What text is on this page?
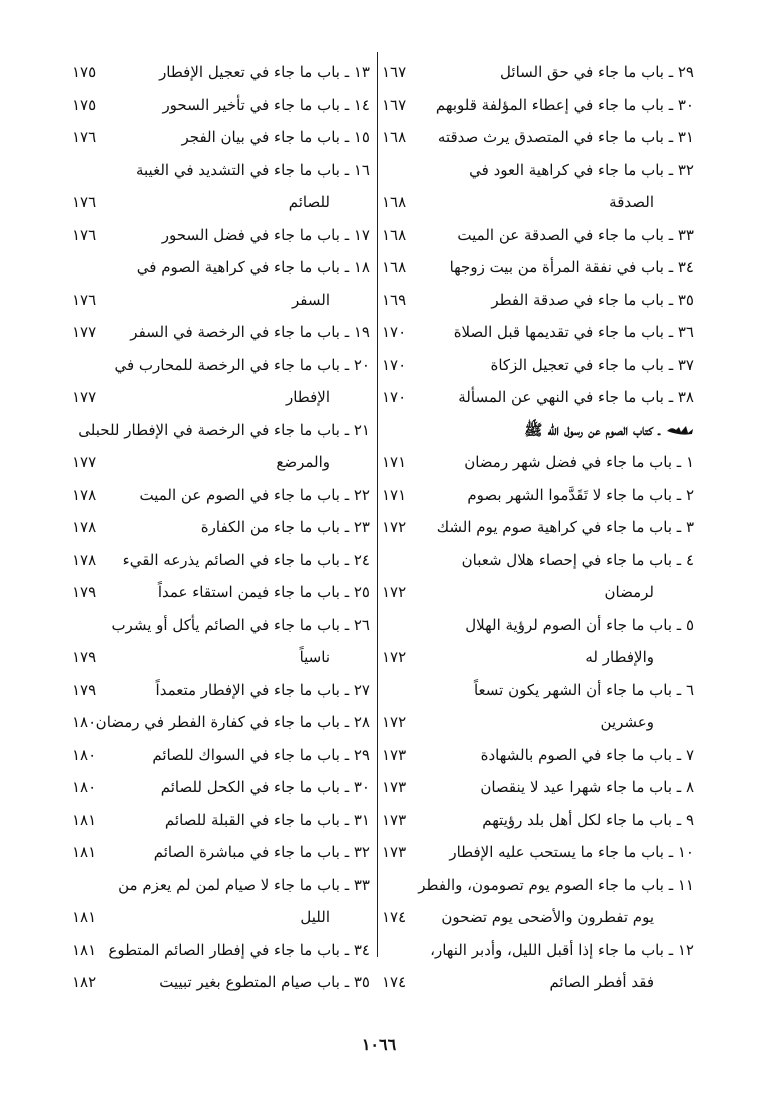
٢٩ ـ باب ما جاء في حق السائل
١٦٧
٣٠ ـ باب ما جاء في إعطاء المؤلفة قلوبهم
١٦٧
٣١ ـ باب ما جاء في المتصدق يرث صدقته
١٦٨
٣٢ ـ باب ما جاء في كراهية العود في
الصدقة
١٦٨
٣٣ ـ باب ما جاء في الصدقة عن الميت
١٦٨
٣٤ ـ باب في نفقة المرأة من بيت زوجها
١٦٨
٣٥ ـ باب ما جاء في صدقة الفطر
١٦٩
٣٦ ـ باب ما جاء في تقديمها قبل الصلاة
١٧٠
٣٧ ـ باب ما جاء في تعجيل الزكاة
١٧٠
٣٨ ـ باب ما جاء في النهي عن المسألة
١٧٠
ـ كتاب الصوم عن رسول الله ﷺ
١ ـ باب ما جاء في فضل شهر رمضان
١٧١
٢ ـ باب ما جاء لا تَقَدَّموا الشهر بصوم
١٧١
٣ ـ باب ما جاء في كراهية صوم يوم الشك
١٧٢
٤ ـ باب ما جاء في إحصاء هلال شعبان
لرمضان
١٧٢
٥ ـ باب ما جاء أن الصوم لرؤية الهلال
والإفطار له
١٧٢
٦ ـ باب ما جاء أن الشهر يكون تسعاً
وعشرين
١٧٢
٧ ـ باب ما جاء في الصوم بالشهادة
١٧٣
٨ ـ باب ما جاء شهرا عيد لا ينقصان
١٧٣
٩ ـ باب ما جاء لكل أهل بلد رؤيتهم
١٧٣
١٠ ـ باب ما جاء ما يستحب عليه الإفطار
١٧٣
١١ ـ باب ما جاء الصوم يوم تصومون، والفطر
يوم تفطرون والأضحى يوم تضحون
١٧٤
١٢ ـ باب ما جاء إذا أقبل الليل، وأدبر النهار،
فقد أفطر الصائم
١٧٤
١٣ ـ باب ما جاء في تعجيل الإفطار
١٧٥
١٤ ـ باب ما جاء في تأخير السحور
١٧٥
١٥ ـ باب ما جاء في بيان الفجر
١٧٦
١٦ ـ باب ما جاء في التشديد في الغيبة
للصائم
١٧٦
١٧ ـ باب ما جاء في فضل السحور
١٧٦
١٨ ـ باب ما جاء في كراهية الصوم في
السفر
١٧٦
١٩ ـ باب ما جاء في الرخصة في السفر
١٧٧
٢٠ ـ باب ما جاء في الرخصة للمحارب في
الإفطار
١٧٧
٢١ ـ باب ما جاء في الرخصة في الإفطار للحبلى
والمرضع
١٧٧
٢٢ ـ باب ما جاء في الصوم عن الميت
١٧٨
٢٣ ـ باب ما جاء من الكفارة
١٧٨
٢٤ ـ باب ما جاء في الصائم يذرعه القيء
١٧٨
٢٥ ـ باب ما جاء فيمن استقاء عمداً
١٧٩
٢٦ ـ باب ما جاء في الصائم يأكل أو يشرب
ناسياً
١٧٩
٢٧ ـ باب ما جاء في الإفطار متعمداً
١٧٩
٢٨ ـ باب ما جاء في كفارة الفطر في رمضان
١٨٠
٢٩ ـ باب ما جاء في السواك للصائم
١٨٠
٣٠ ـ باب ما جاء في الكحل للصائم
١٨٠
٣١ ـ باب ما جاء في القبلة للصائم
١٨١
٣٢ ـ باب ما جاء في مباشرة الصائم
١٨١
٣٣ ـ باب ما جاء لا صيام لمن لم يعزم من
الليل
١٨١
٣٤ ـ باب ما جاء في إفطار الصائم المتطوع
١٨١
٣٥ ـ باب صيام المتطوع بغير تبييت
١٨٢
١٠٦٦
